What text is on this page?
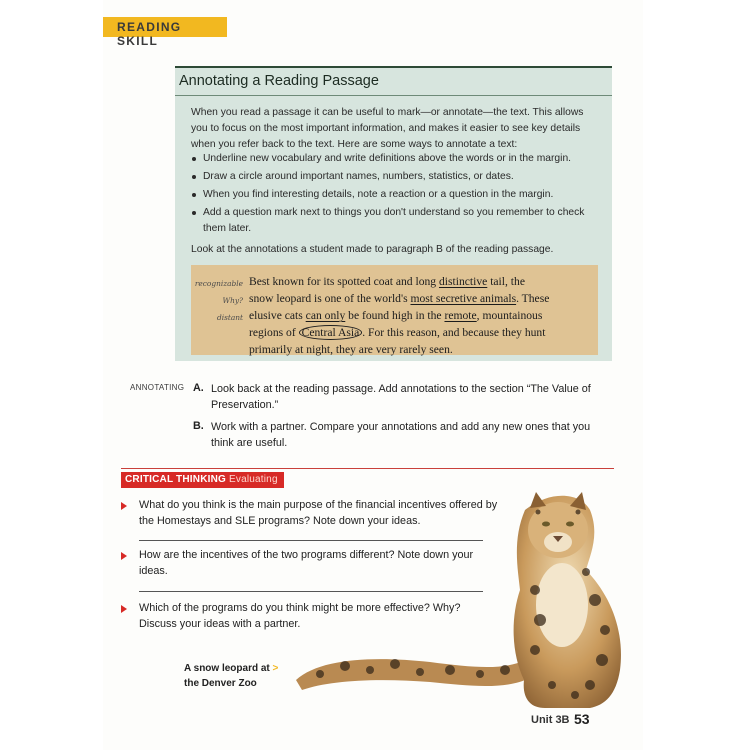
READING SKILL
Annotating a Reading Passage

When you read a passage it can be useful to mark—or annotate—the text. This allows you to focus on the most important information, and makes it easier to see key details when you refer back to the text. Here are some ways to annotate a text:

Underline new vocabulary and write definitions above the words or in the margin.
Draw a circle around important names, numbers, statistics, or dates.
When you find interesting details, note a reaction or a question in the margin.
Add a question mark next to things you don't understand so you remember to check them later.

Look at the annotations a student made to paragraph B of the reading passage.

recognizable
Why?
distant
Best known for its spotted coat and long distinctive tail, the
snow leopard is one of the world's most secretive animals. These
elusive cats can only be found high in the remote, mountainous
regions of Central Asia . For this reason, and because they hunt
primarily at night, they are very rarely seen.
ANNOTATING A. Look back at the reading passage. Add annotations to the section “The Value of Preservation.”
B. Work with a partner. Compare your annotations and add any new ones that you think are useful.
CRITICAL THINKING Evaluating
What do you think is the main purpose of the financial incentives offered by the Homestays and SLE programs? Note down your ideas.
How are the incentives of the two programs different? Note down your ideas.
Which of the programs do you think might be more effective? Why? Discuss your ideas with a partner.
A snow leopard at >
the Denver Zoo
Unit 3B 53
